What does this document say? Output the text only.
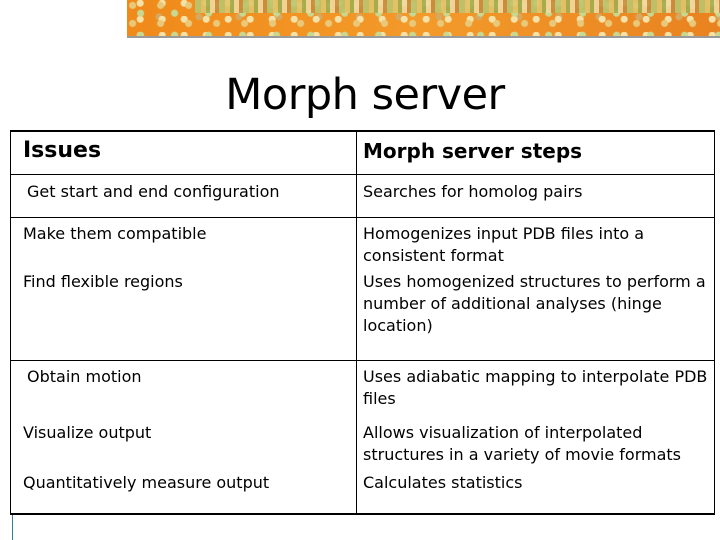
Morph server
Issues	Morph server steps

Get start and end configuration	Searches for homolog pairs

Make them compatible	Homogenizes input PDB files into a consistent format

Find flexible regions	Uses homogenized structures to perform a number of additional analyses (hinge location)

Obtain motion	Uses adiabatic mapping to interpolate PDB files

Visualize output	Allows visualization of interpolated structures in a variety of movie formats

Quantitatively measure output	Calculates statistics
